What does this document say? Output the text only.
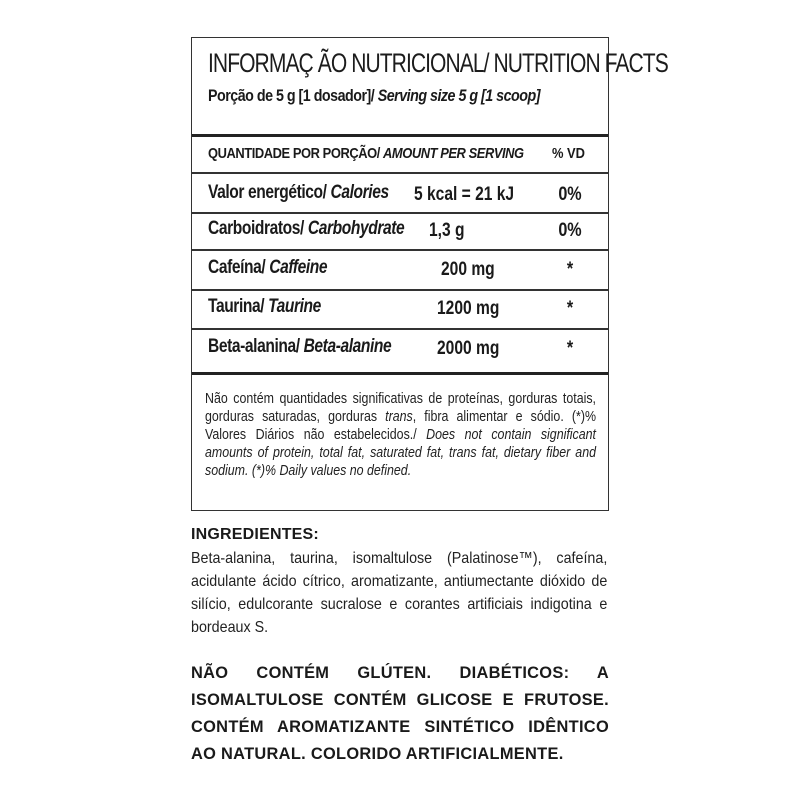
INFORMAÇ ÃO NUTRICIONAL/ NUTRITION FACTS
Porção de 5 g [1 dosador]/ Serving size 5 g [1 scoop]
QUANTIDADE POR PORÇÃO/ AMOUNT PER SERVING % VD
Valor energético/ Calories 5 kcal = 21 kJ	0%
Carboidratos/ Carbohydrate 1,3 g	0%
Cafeína/ Caffeine	200 mg	*
Taurina/ Taurine	1200 mg	*
Beta-alanina/ Beta-alanine 2000 mg	*
Não contém quantidades significativas de proteínas, gorduras totais, gorduras saturadas, gorduras trans, fibra alimentar e sódio. (*)% Valores Diários não estabelecidos./ Does not contain significant amounts of protein, total fat, saturated fat, trans fat, dietary fiber and sodium. (*)% Daily values no defined.
INGREDIENTES:
Beta-alanina, taurina, isomaltulose (Palatinose™), cafeína, acidulante ácido cítrico, aromatizante, antiumectante dióxido de silício, edulcorante sucralose e corantes artificiais indigotina e bordeaux S.
NÃO CONTÉM GLÚTEN. DIABÉTICOS: A ISOMALTULOSE CONTÉM GLICOSE E FRUTOSE. CONTÉM AROMATIZANTE SINTÉTICO IDÊNTICO
AO NATURAL. COLORIDO ARTIFICIALMENTE.
